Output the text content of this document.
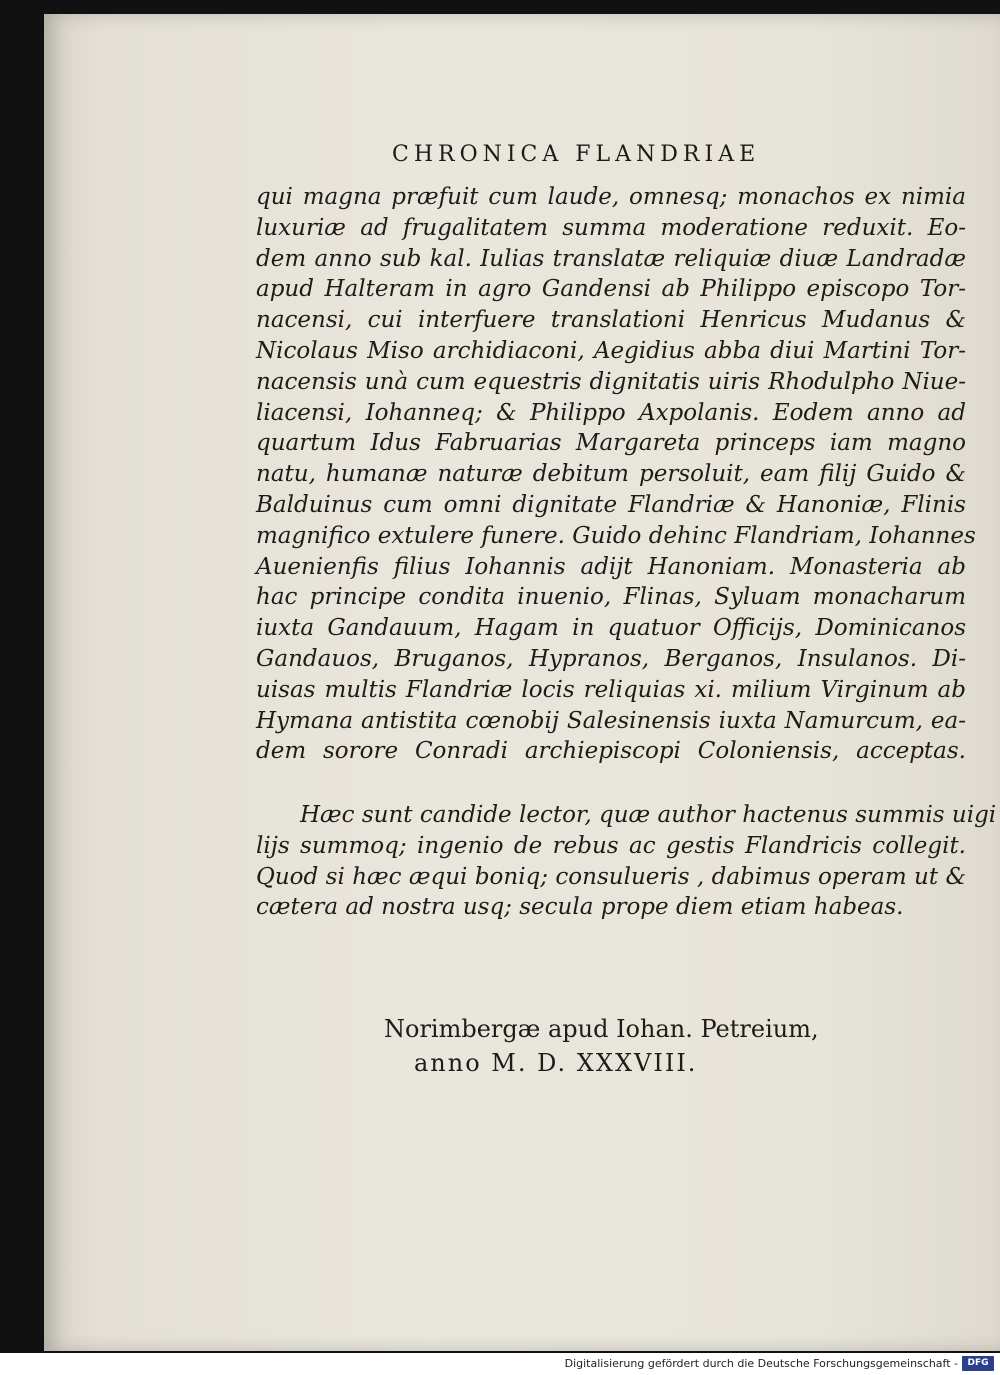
CHRONICA FLANDRIAE
qui magna præfuit cum laude, omnesq; monachos ex nimia
luxuriæ ad frugalitatem summa moderatione reduxit. Eo-
dem anno sub kal. Iulias translatæ reliquiæ diuæ Landradæ
apud Halteram in agro Gandensi ab Philippo episcopo Tor-
nacensi, cui interfuere translationi Henricus Mudanus &
Nicolaus Miso archidiaconi, Aegidius abba diui Martini Tor-
nacensis unà cum equestris dignitatis uiris Rhodulpho Niue-
liacensi, Iohanneq; & Philippo Axpolanis. Eodem anno ad
quartum Idus Fabruarias Margareta princeps iam magno
natu, humanæ naturæ debitum persoluit, eam filij Guido &
Balduinus cum omni dignitate Flandriæ & Hanoniæ, Flinis
magnifico extulere funere. Guido dehinc Flandriam, Iohannes
Auenienfis filius Iohannis adijt Hanoniam. Monasteria ab
hac principe condita inuenio, Flinas, Syluam monacharum
iuxta Gandauum, Hagam in quatuor Officijs, Dominicanos
Gandauos, Bruganos, Hypranos, Berganos, Insulanos. Di-
uisas multis Flandriæ locis reliquias xi. milium Virginum ab
Hymana antistita cœnobij Salesinensis iuxta Namurcum, ea-
dem sorore Conradi archiepiscopi Coloniensis, acceptas.
Hæc sunt candide lector, quæ author hactenus summis uigi
lijs summoq; ingenio de rebus ac gestis Flandricis collegit.
Quod si hæc æqui boniq; consulueris , dabimus operam ut &
cætera ad nostra usq; secula prope diem etiam habeas.
Norimbergæ apud Iohan. Petreium,
anno M. D. XXXVIII.
Digitalisierung gefördert durch die Deutsche Forschungsgemeinschaft -	DFG
